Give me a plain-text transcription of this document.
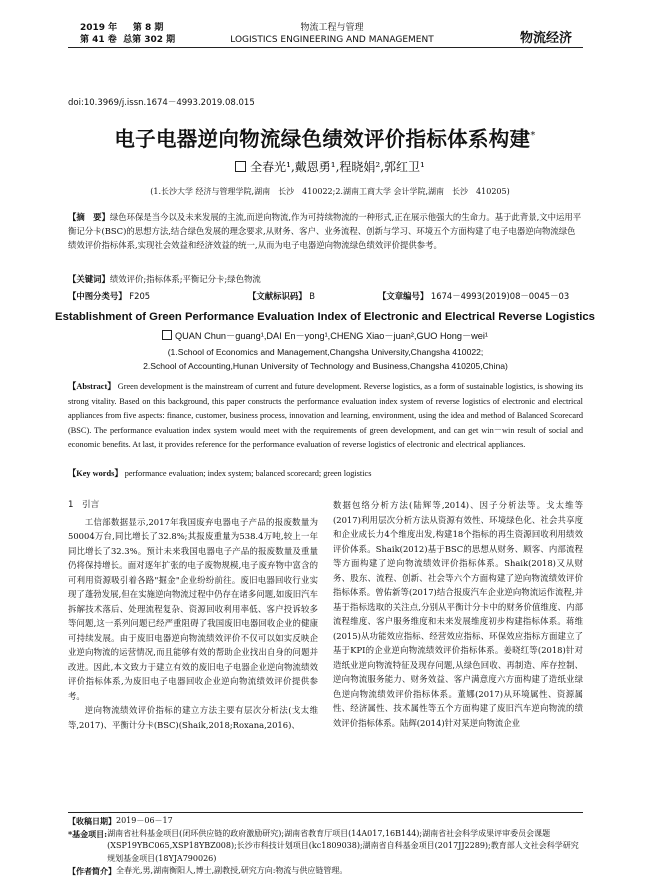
2019 年 第 8 期
第 41 卷 总第 302 期
物流工程与管理
LOGISTICS ENGINEERING AND MANAGEMENT	物流经济
doi:10.3969/j.issn.1674－4993.2019.08.015
电子电器逆向物流绿色绩效评价指标体系构建*
全春光¹,戴恩勇¹,程晓娟²,郭红卫¹
(1.长沙大学 经济与管理学院,湖南　长沙　410022;2.湖南工商大学 会计学院,湖南　长沙　410205)
【摘　要】绿色环保是当今以及未来发展的主流,而逆向物流,作为可持续物流的一种形式,正在展示他强大的生命力。基于此背景,文中运用平衡记分卡(BSC)的思想方法,结合绿色发展的理念要求,从财务、客户、业务流程、创新与学习、环境五个方面构建了电子电器逆向物流绿色绩效评价指标体系,实现社会效益和经济效益的统一,从而为电子电器逆向物流绿色绩效评价提供参考。
【关键词】绩效评价;指标体系;平衡记分卡;绿色物流
【中图分类号】 F205	【文献标识码】 B	【文章编号】 1674－4993(2019)08－0045－03
Establishment of Green Performance Evaluation Index of Electronic and Electrical Reverse Logistics
QUAN Chun－guang¹,DAI En－yong¹,CHENG Xiao－juan²,GUO Hong－wei¹
(1.School of Economics and Management,Changsha University,Changsha 410022;
2.School of Accounting,Hunan University of Technology and Business,Changsha 410205,China)
【Abstract】 Green development is the mainstream of current and future development. Reverse logistics, as a form of sustainable logistics, is showing its strong vitality. Based on this background, this paper constructs the performance evaluation index system of reverse logistics of electronic and electrical appliances from five aspects: finance, customer, business process, innovation and learning, environment, using the idea and method of Balanced Scorecard (BSC). The performance evaluation index system would meet with the requirements of green development, and can get win－win result of social and economic benefits. At last, it provides reference for the performance evaluation of reverse logistics of electronic and electrical appliances.
【Key words】 performance evaluation; index system; balanced scorecard; green logistics
1　引言

工信部数据显示,2017年我国废弃电器电子产品的报废数量为50004万台,同比增长了32.8%;其报废重量为538.4万吨,较上一年同比增长了32.3%。预计未来我国电器电子产品的报废数量及重量仍将保持增长。面对逐年扩张的电子废物规模,电子废弃物中富含的可利用资源吸引着各路"掘金"企业纷纷前往。废旧电器回收行业实现了蓬勃发展,但在实施逆向物流过程中仍存在诸多问题,如废旧汽车拆解技术落后、处理流程复杂、资源回收利用率低、客户投诉较多等问题,这一系列问题已经严重阻碍了我国废旧电器回收企业的健康可持续发展。由于废旧电器逆向物流绩效评价不仅可以如实反映企业逆向物流的运营情况,而且能够有效的帮助企业找出自身的问题并改进。因此,本文致力于建立有效的废旧电子电器企业逆向物流绩效评价指标体系,为废旧电子电器回收企业逆向物流绩效评价提供参考。

逆向物流绩效评价指标的建立方法主要有层次分析法(戈太维等,2017)、平衡计分卡(BSC)(Shaik,2018;Roxana,2016)、

数据包络分析方法(陆辉等,2014)、因子分析法等。戈太维等(2017)利用层次分析方法从资源有效性、环境绿色化、社会共享度和企业成长力4个维度出发,构建18个指标的再生资源回收利用绩效评价体系。Shaik(2012)基于BSC的思想从财务、顾客、内部流程等方面构建了逆向物流绩效评价指标体系。Shaik(2018)又从财务、股东、流程、创新、社会等六个方面构建了逆向物流绩效评价指标体系。曾佑新等(2017)结合报废汽车企业逆向物流运作流程,并基于指标选取的关注点,分别从平衡计分卡中的财务价值维度、内部流程维度、客户服务维度和未来发展维度初步构建指标体系。蒋维(2015)从功能效应指标、经营效应指标、环保效应指标方面建立了基于KPI的企业逆向物流绩效评价指标体系。姜晓红等(2018)针对造纸业逆向物流特征及现存问题,从绿色回收、再制造、库存控制、逆向物流服务能力、财务效益、客户满意度六方面构建了造纸业绿色逆向物流绩效评价指标体系。董娜(2017)从环境属性、资源属性、经济属性、技术属性等五个方面构建了废旧汽车逆向物流的绩效评价指标体系。陆辉(2014)针对某逆向物流企业

【收稿日期】 2019－06－17
*基金项目: 湖南省社科基金项目(闭环供应链的政府激励研究);湖南省教育厅项目(14A017,16B144);湖南省社会科学成果评审委员会课题(XSP19YBC065,XSP18YBZ008);长沙市科技计划项目(kc1809038);湖南省自科基金项目(2017JJ2289);教育部人文社会科学研究规划基金项目(18YJA790026)
【作者简介】 全春光,男,湖南衡阳人,博士,副教授,研究方向:物流与供应链管理。
